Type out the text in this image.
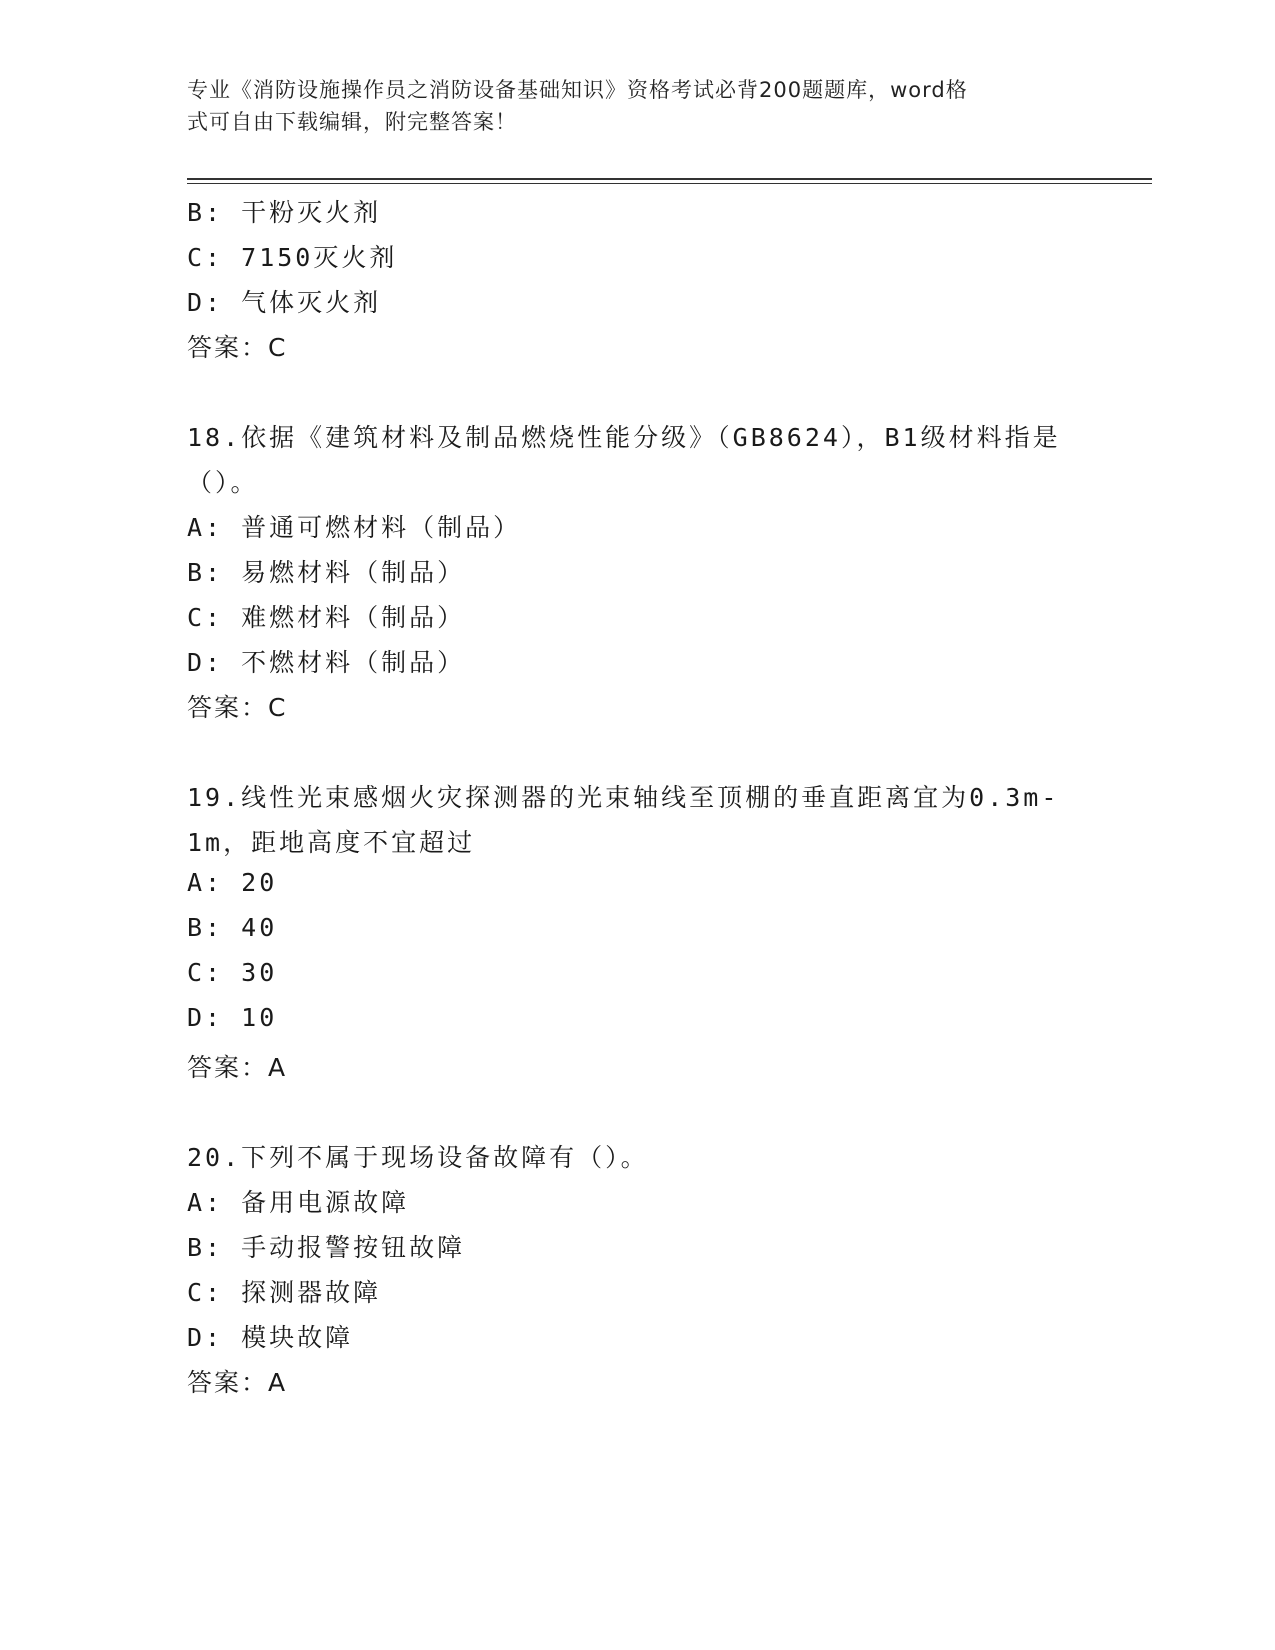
专业《消防设施操作员之消防设备基础知识》资格考试必背200题题库，word格
式可自由下载编辑，附完整答案！
B: 干粉灭火剂
C: 7150灭火剂
D: 气体灭火剂
答案：C
18.依据《建筑材料及制品燃烧性能分级》（GB8624），B1级材料指是
（）。
A: 普通可燃材料（制品）
B: 易燃材料（制品）
C: 难燃材料（制品）
D: 不燃材料（制品）
答案：C
19.线性光束感烟火灾探测器的光束轴线至顶棚的垂直距离宜为0.3m-
1m，距地高度不宜超过
A: 20
B: 40
C: 30
D: 10
答案：A
20.下列不属于现场设备故障有（）。
A: 备用电源故障
B: 手动报警按钮故障
C: 探测器故障
D: 模块故障
答案：A
